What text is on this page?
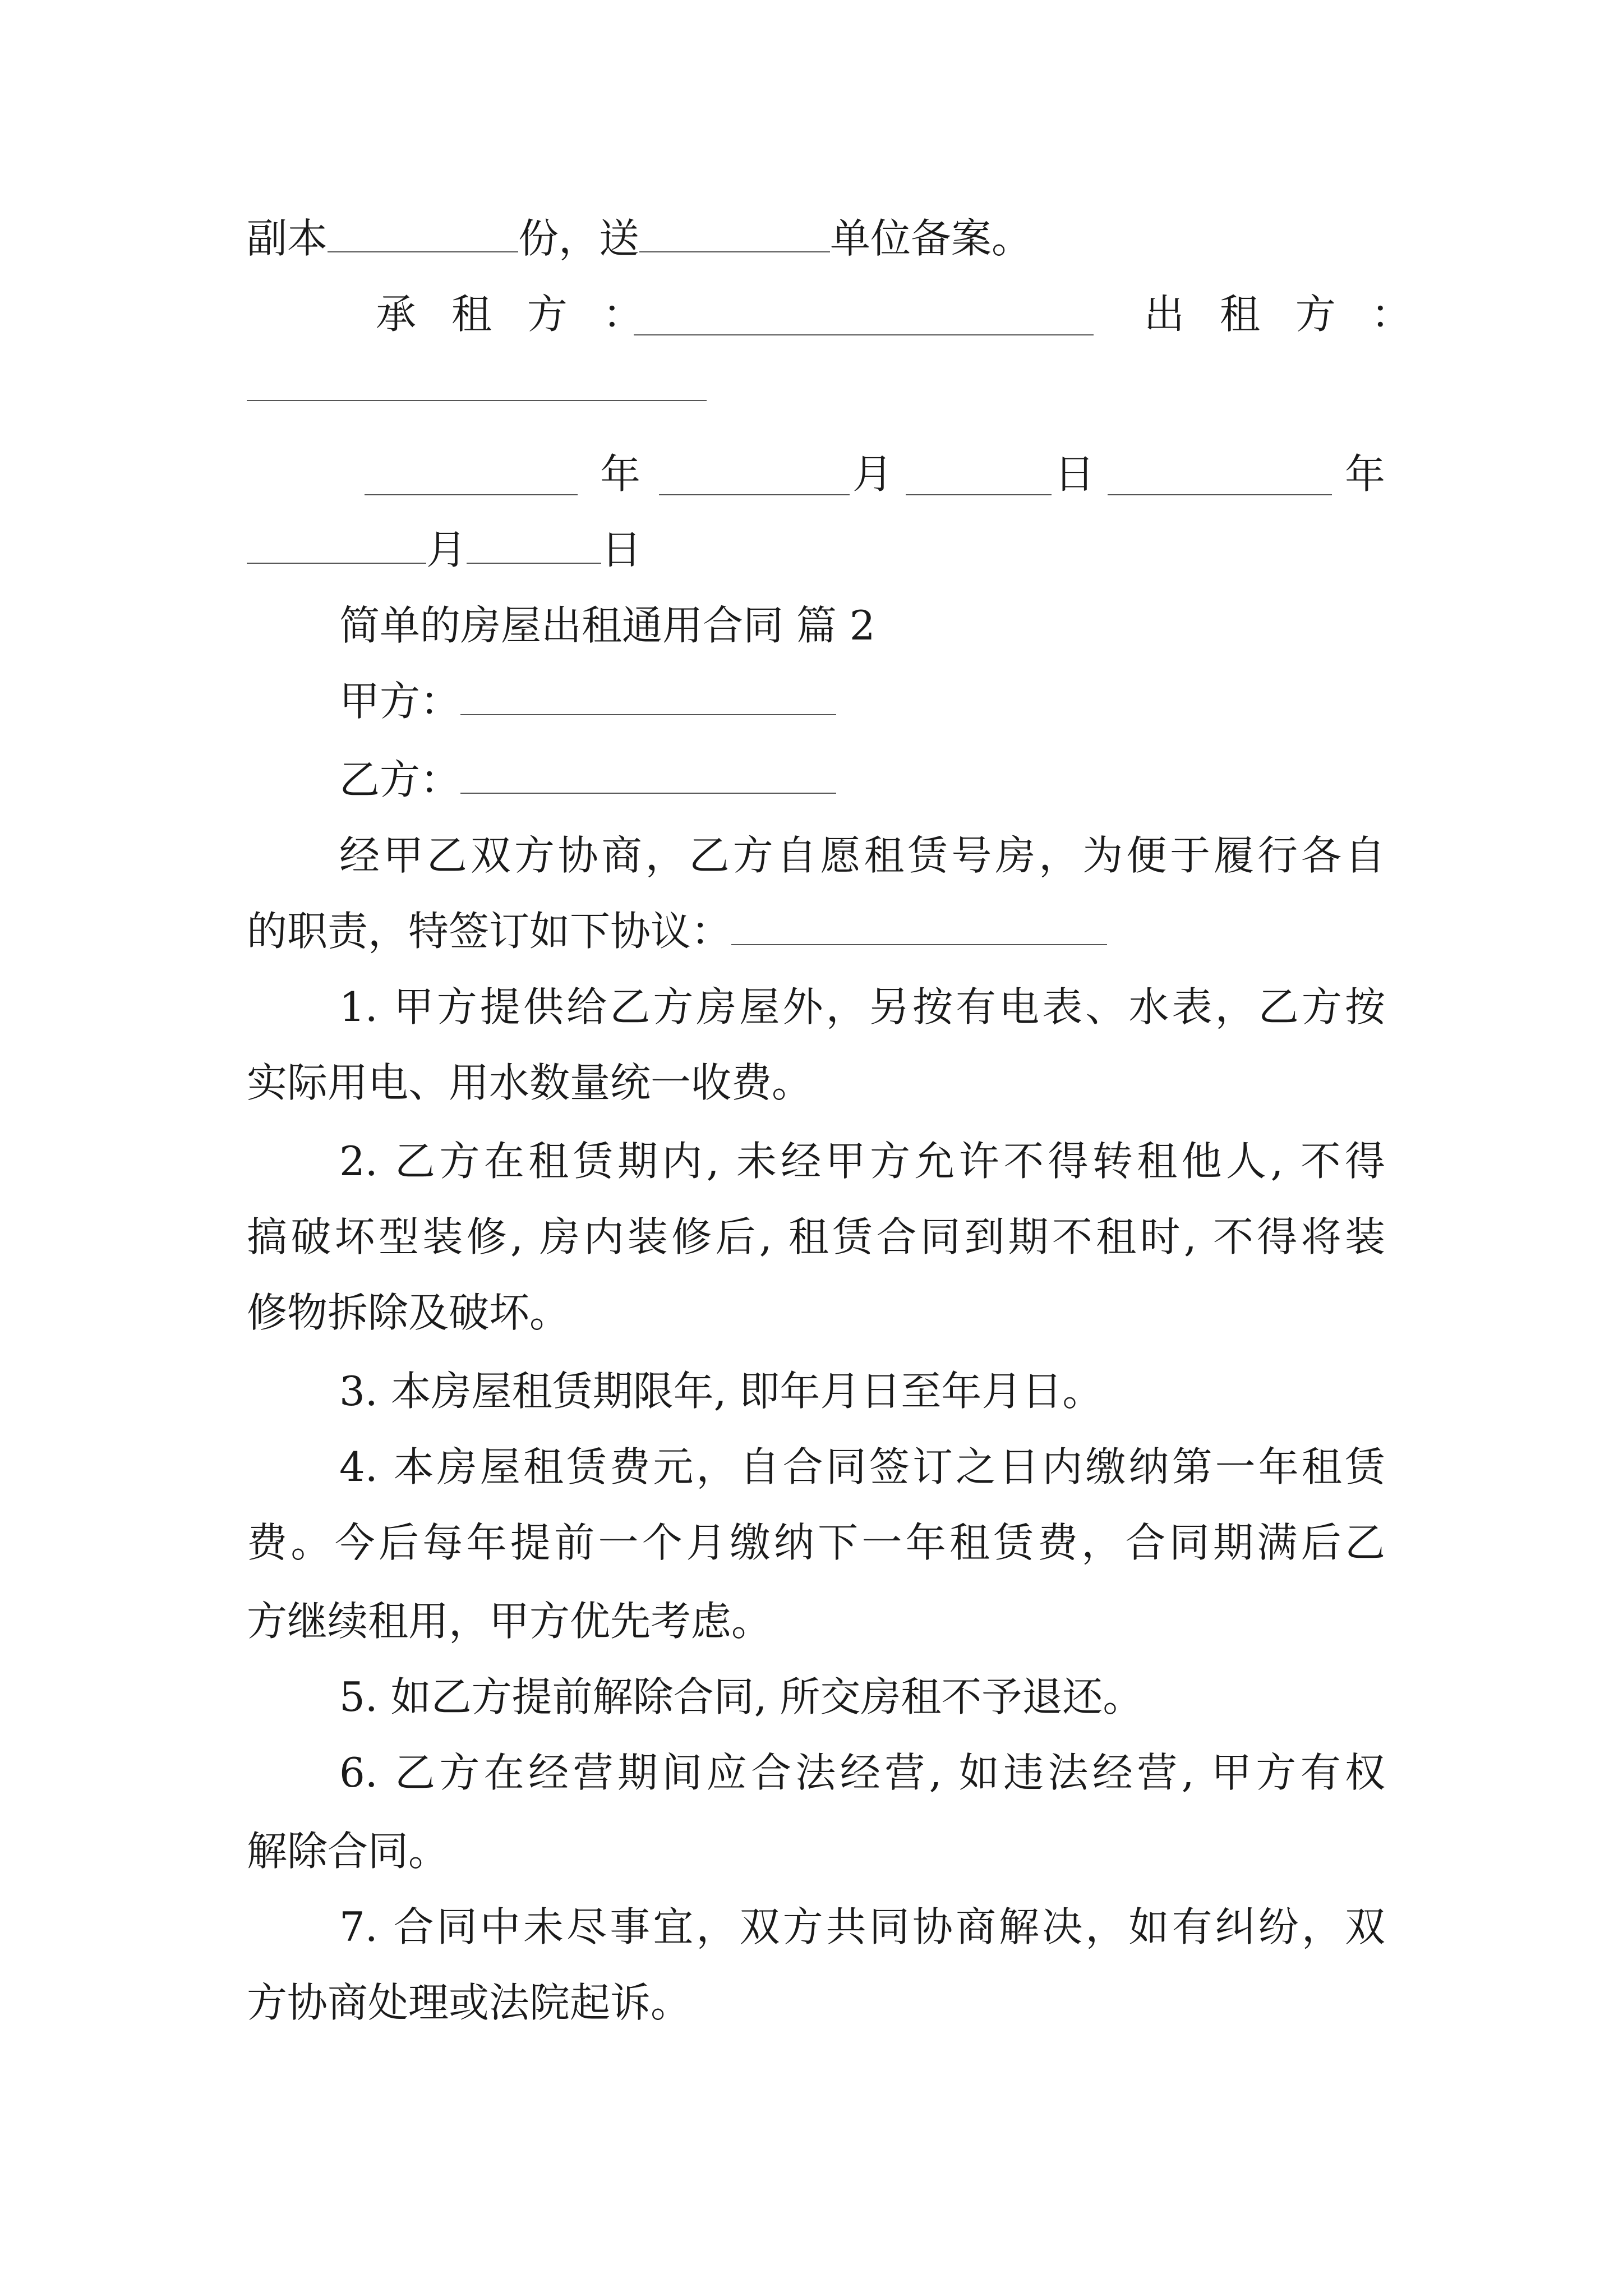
副本	份，送	单位备案。
承 租 方 ：	出 租 方 ：
年	月	日	年
月	日
简单的房屋出租通用合同 篇 2
甲方：
乙方：
经甲乙双方协商，乙方自愿租赁号房，为便于履行各自
的职责，特签订如下协议：
1. 甲方提供给乙方房屋外，另按有电表、水表，乙方按
实际用电、用水数量统一收费。
2. 乙方在租赁期内, 未经甲方允许不得转租他人, 不得
搞破坏型装修, 房内装修后, 租赁合同到期不租时, 不得将装
修物拆除及破坏。
3. 本房屋租赁期限年, 即年月日至年月日。
4. 本房屋租赁费元，自合同签订之日内缴纳第一年租赁
费。今后每年提前一个月缴纳下一年租赁费，合同期满后乙
方继续租用，甲方优先考虑。
5. 如乙方提前解除合同, 所交房租不予退还。
6. 乙方在经营期间应合法经营, 如违法经营, 甲方有权
解除合同。
7. 合同中未尽事宜，双方共同协商解决，如有纠纷，双
方协商处理或法院起诉。
